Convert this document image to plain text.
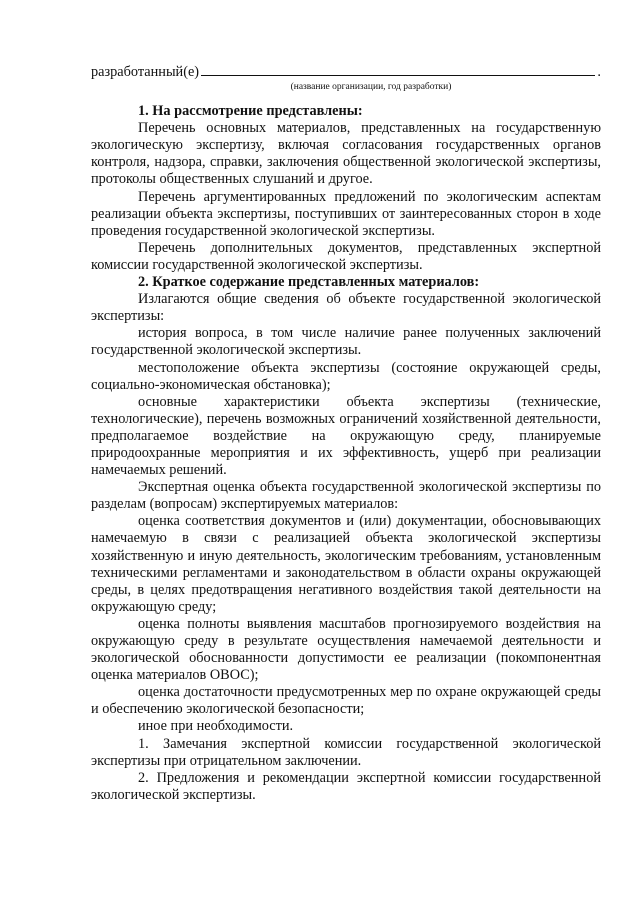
разработанный(е)	.
(название организации, год разработки)

1. На рассмотрение представлены:

Перечень основных материалов, представленных на государственную экологическую экспертизу, включая согласования государственных органов контроля, надзора, справки, заключения общественной экологической экспертизы, протоколы общественных слушаний и другое.

Перечень аргументированных предложений по экологическим аспектам реализации объекта экспертизы, поступивших от заинтересованных сторон в ходе проведения государственной экологической экспертизы.

Перечень дополнительных документов, представленных экспертной комиссии государственной экологической экспертизы.

2. Краткое содержание представленных материалов:

Излагаются общие сведения об объекте государственной экологической экспертизы:

история вопроса, в том числе наличие ранее полученных заключений государственной экологической экспертизы.

местоположение объекта экспертизы (состояние окружающей среды, социально-экономическая обстановка);

основные характеристики объекта экспертизы (технические, технологические), перечень возможных ограничений хозяйственной деятельности, предполагаемое воздействие на окружающую среду, планируемые природоохранные мероприятия и их эффективность, ущерб при реализации намечаемых решений.

Экспертная оценка объекта государственной экологической экспертизы по разделам (вопросам) экспертируемых материалов:

оценка соответствия документов и (или) документации, обосновывающих намечаемую в связи с реализацией объекта экологической экспертизы хозяйственную и иную деятельность, экологическим требованиям, установленным техническими регламентами и законодательством в области охраны окружающей среды, в целях предотвращения негативного воздействия такой деятельности на окружающую среду;

оценка полноты выявления масштабов прогнозируемого воздействия на окружающую среду в результате осуществления намечаемой деятельности и экологической обоснованности допустимости ее реализации (покомпонентная оценка материалов ОВОС);

оценка достаточности предусмотренных мер по охране окружающей среды и обеспечению экологической безопасности;

иное при необходимости.

1. Замечания экспертной комиссии государственной экологической экспертизы при отрицательном заключении.

2. Предложения и рекомендации экспертной комиссии государственной экологической экспертизы.
